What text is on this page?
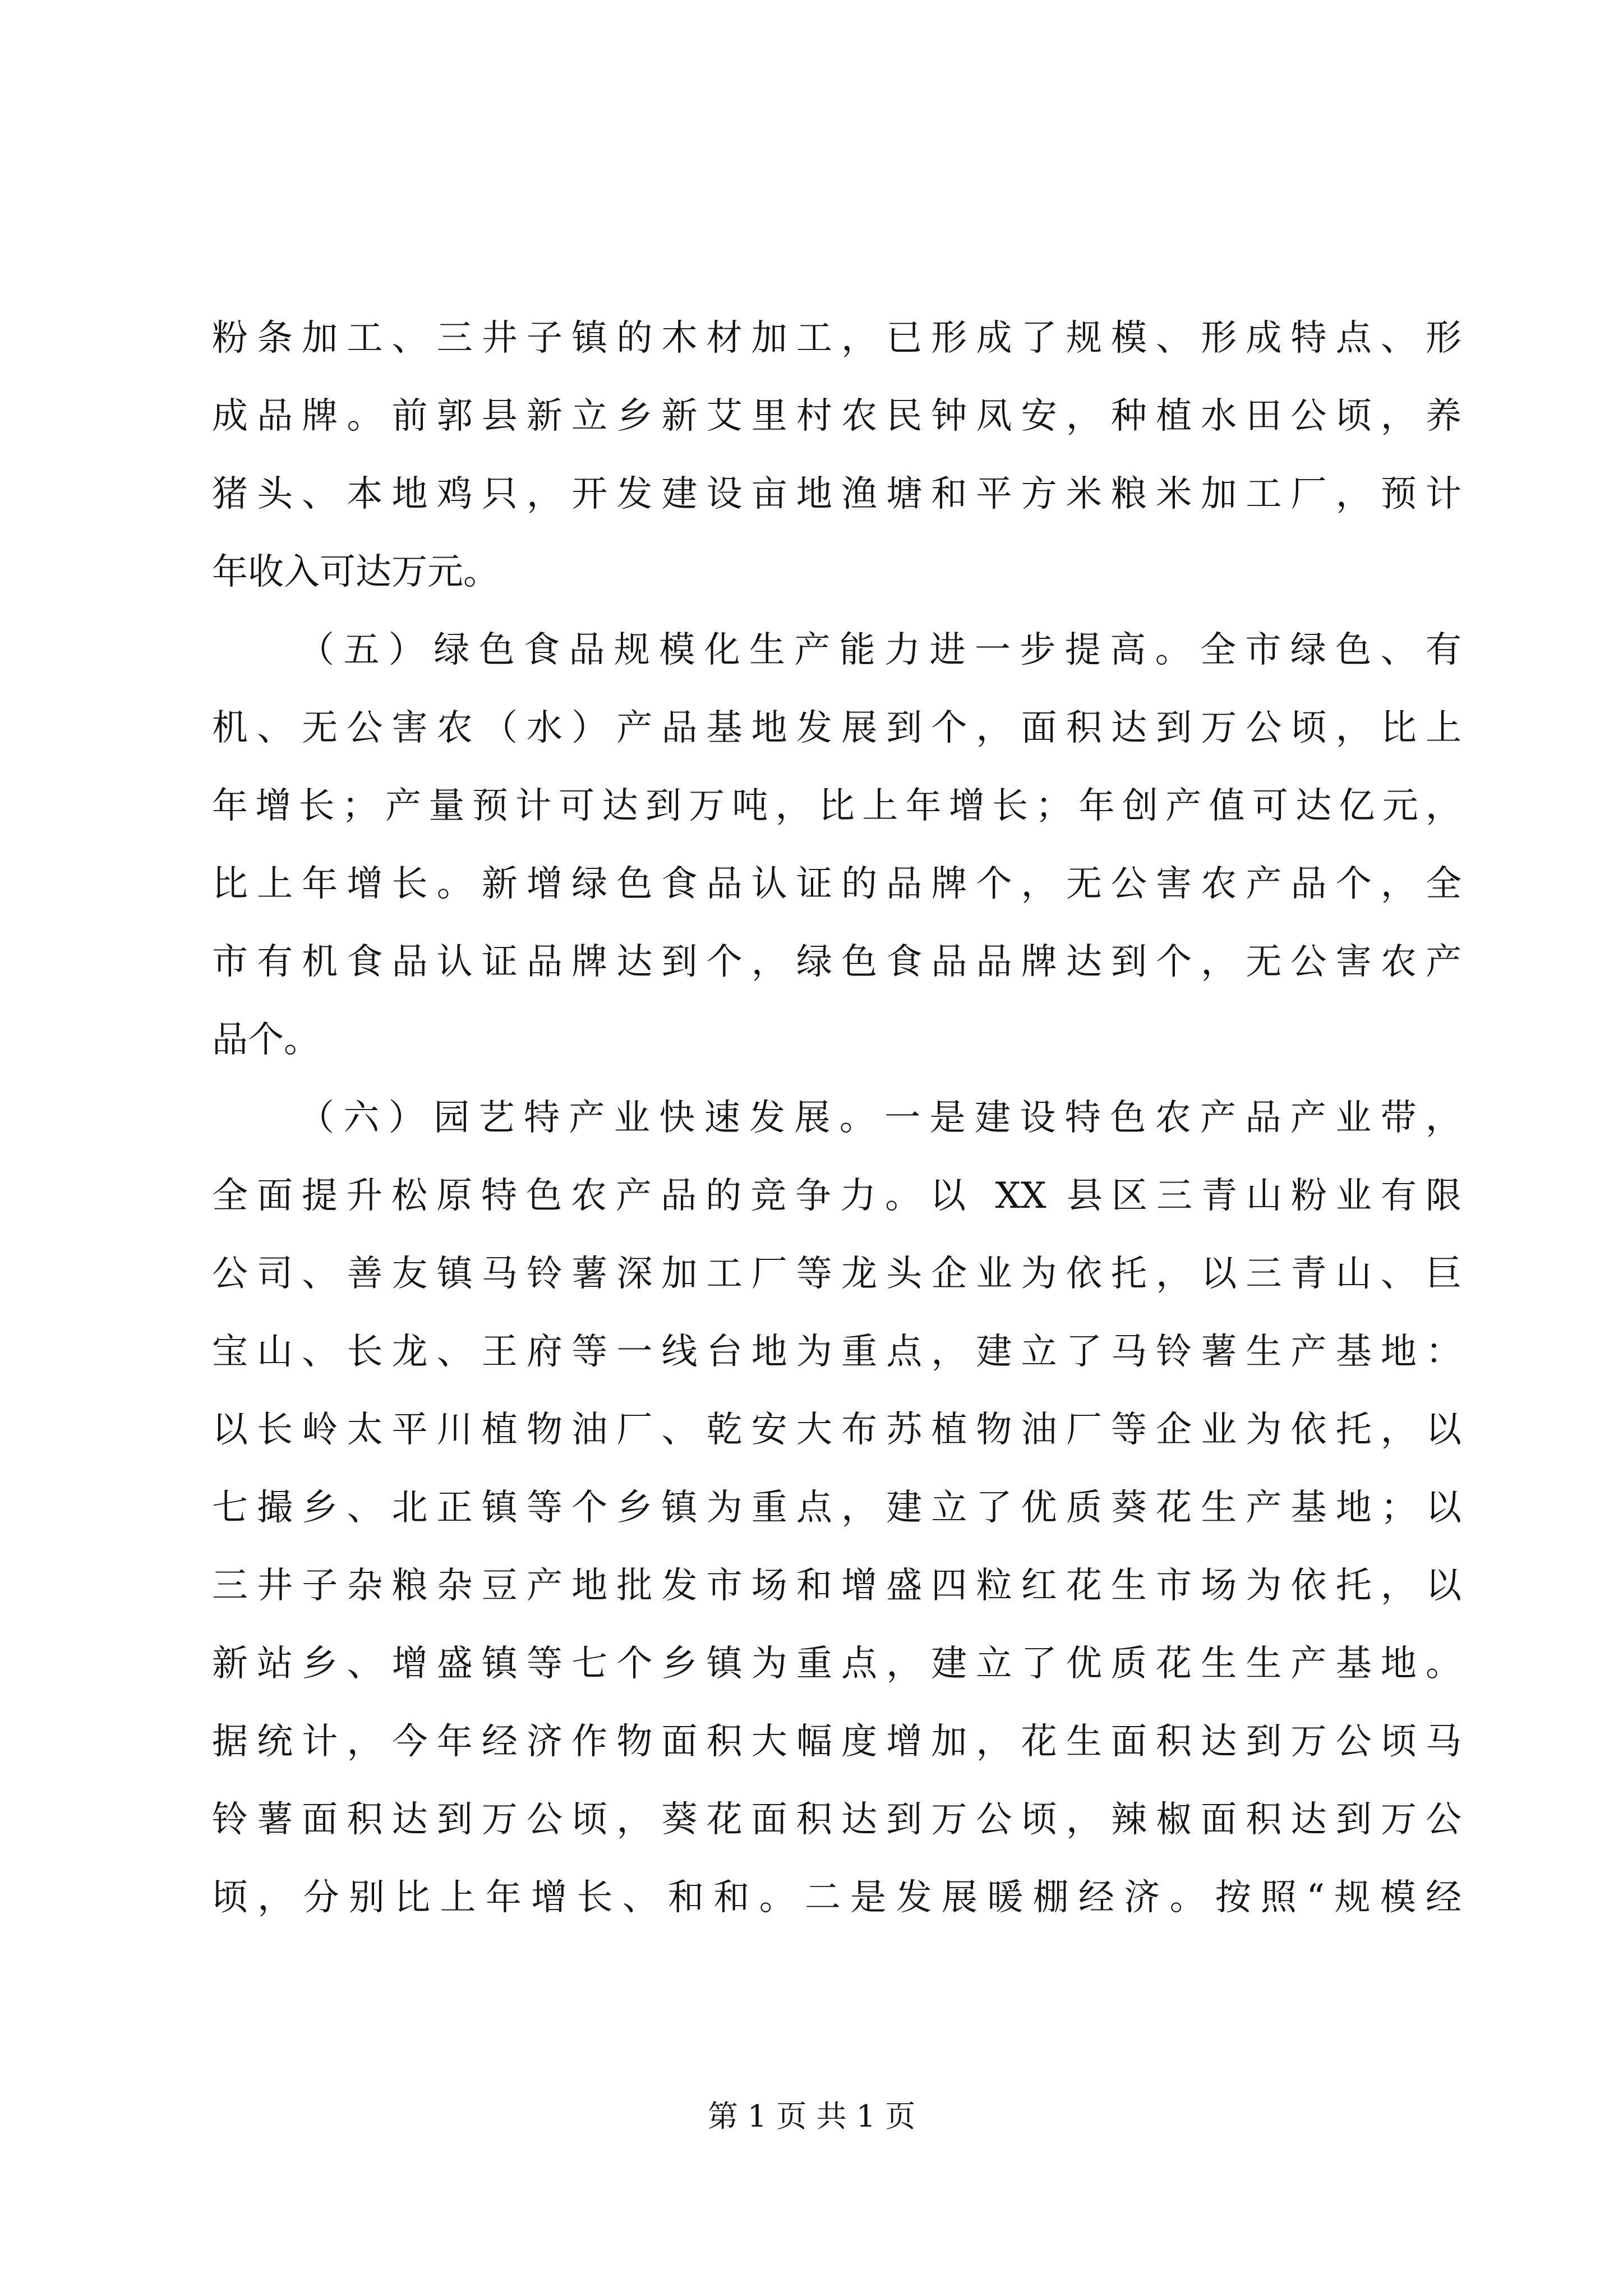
粉条加工、三井子镇的木材加工，已形成了规模、形成特点、形
成品牌。前郭县新立乡新艾里村农民钟凤安，种植水田公顷，养
猪头、本地鸡只，开发建设亩地渔塘和平方米粮米加工厂，预计
年收入可达万元。
（五）绿色食品规模化生产能力进一步提高。全市绿色、有
机、无公害农（水）产品基地发展到个，面积达到万公顷，比上
年增长；产量预计可达到万吨，比上年增长；年创产值可达亿元，
比上年增长。新增绿色食品认证的品牌个，无公害农产品个，全
市有机食品认证品牌达到个，绿色食品品牌达到个，无公害农产
品个。
（六）园艺特产业快速发展。一是建设特色农产品产业带，
全面提升松原特色农产品的竞争力。以 XX 县区三青山粉业有限
公司、善友镇马铃薯深加工厂等龙头企业为依托，以三青山、巨
宝山、长龙、王府等一线台地为重点，建立了马铃薯生产基地：
以长岭太平川植物油厂、乾安大布苏植物油厂等企业为依托，以
七撮乡、北正镇等个乡镇为重点，建立了优质葵花生产基地；以
三井子杂粮杂豆产地批发市场和增盛四粒红花生市场为依托，以
新站乡、增盛镇等七个乡镇为重点，建立了优质花生生产基地。
据统计，今年经济作物面积大幅度增加，花生面积达到万公顷马
铃薯面积达到万公顷，葵花面积达到万公顷，辣椒面积达到万公
顷，分别比上年增长、和和。二是发展暖棚经济。按照“规模经
第 1 页 共 1 页
